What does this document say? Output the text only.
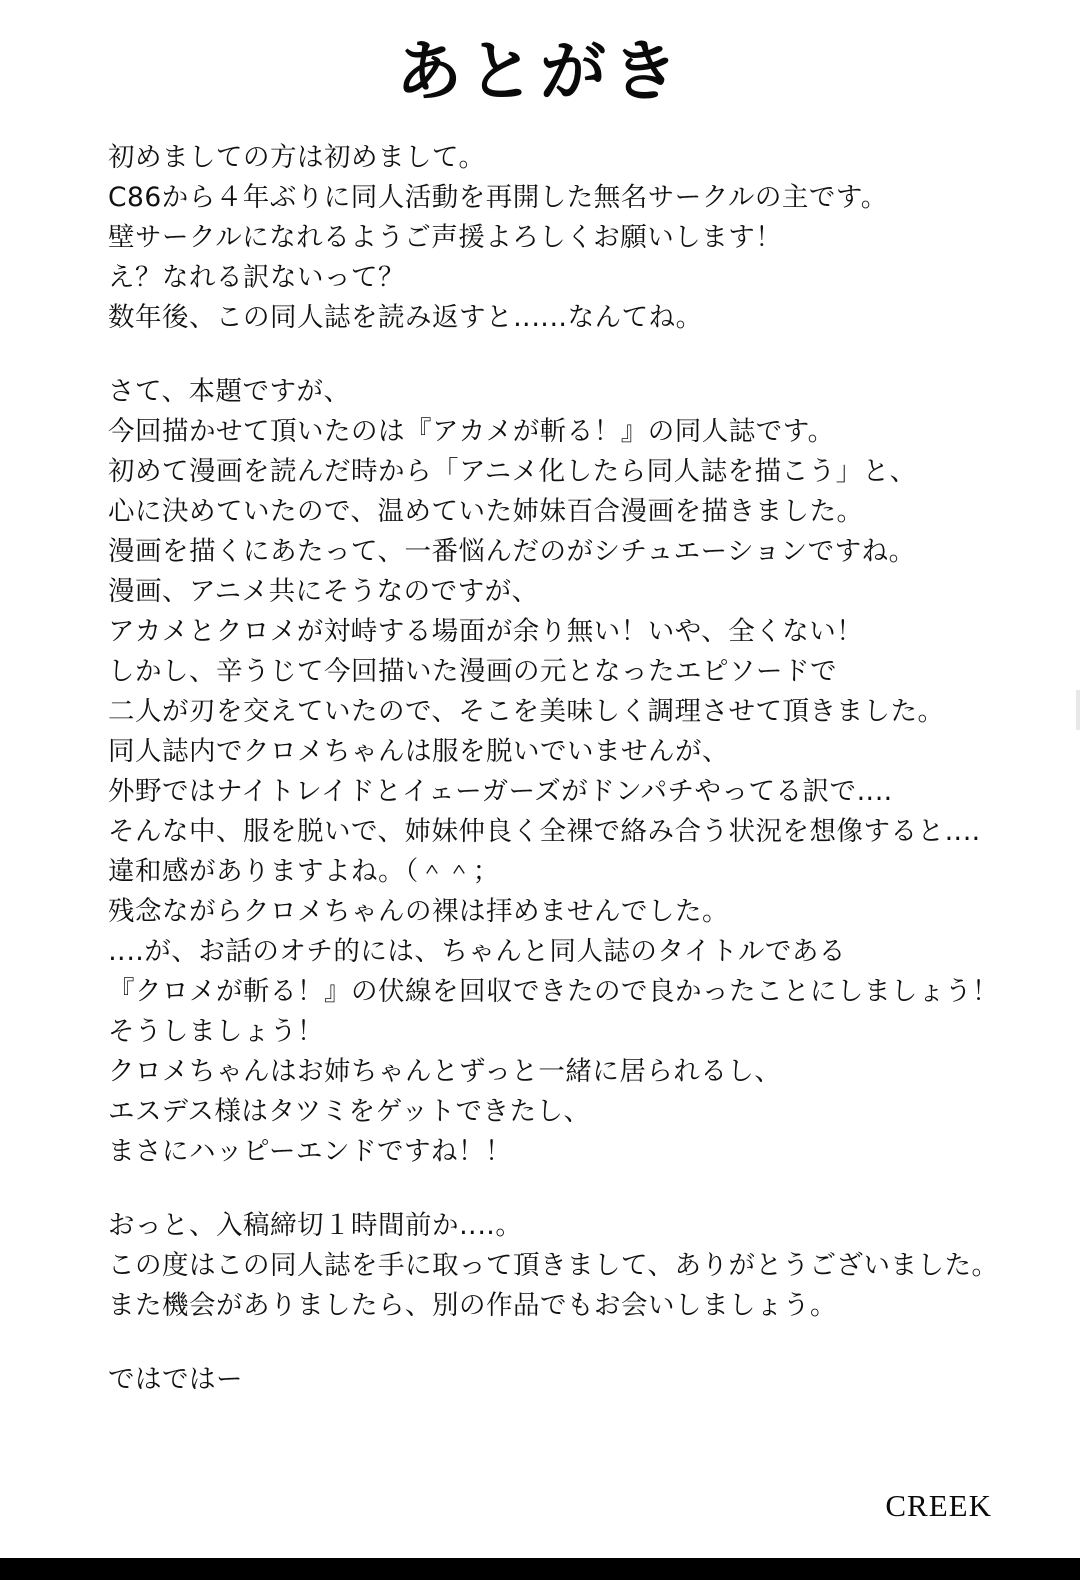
あとがき
初めましての方は初めまして。
C86から４年ぶりに同人活動を再開した無名サークルの主です。
壁サークルになれるようご声援よろしくお願いします！
え？なれる訳ないって？
数年後、この同人誌を読み返すと‥‥‥なんてね。
さて、本題ですが、
今回描かせて頂いたのは『アカメが斬る！』の同人誌です。
初めて漫画を読んだ時から「アニメ化したら同人誌を描こう」と、
心に決めていたので、温めていた姉妹百合漫画を描きました。
漫画を描くにあたって、一番悩んだのがシチュエーションですね。
漫画、アニメ共にそうなのですが、
アカメとクロメが対峙する場面が余り無い！いや、全くない！
しかし、辛うじて今回描いた漫画の元となったエピソードで
二人が刃を交えていたので、そこを美味しく調理させて頂きました。
同人誌内でクロメちゃんは服を脱いでいませんが、
外野ではナイトレイドとイェーガーズがドンパチやってる訳で‥‥
そんな中、服を脱いで、姉妹仲良く全裸で絡み合う状況を想像すると‥‥
違和感がありますよね。（＾＾；
残念ながらクロメちゃんの裸は拝めませんでした。
‥‥が、お話のオチ的には、ちゃんと同人誌のタイトルである
『クロメが斬る！』の伏線を回収できたので良かったことにしましょう！
そうしましょう！
クロメちゃんはお姉ちゃんとずっと一緒に居られるし、
エスデス様はタツミをゲットできたし、
まさにハッピーエンドですね！！
おっと、入稿締切１時間前か‥‥。
この度はこの同人誌を手に取って頂きまして、ありがとうございました。
また機会がありましたら、別の作品でもお会いしましょう。
ではではー
CREEK
